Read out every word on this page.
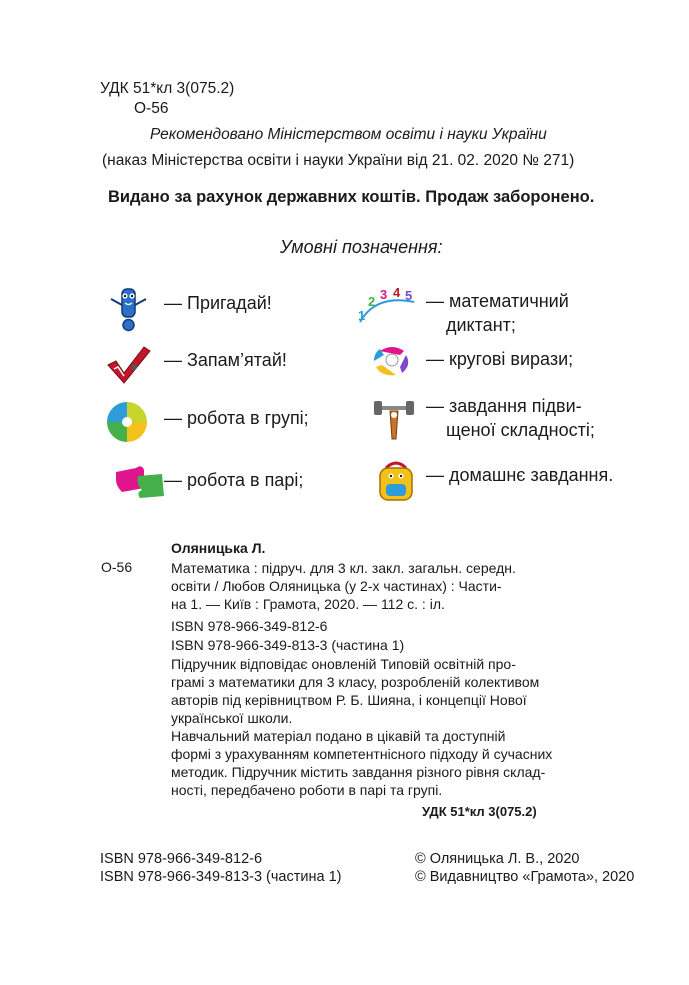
УДК 51*кл 3(075.2)
О-56
Рекомендовано Міністерством освіти і науки України
(наказ Міністерства освіти і науки України від 21. 02. 2020 № 271)
Видано за рахунок державних коштів. Продаж заборонено.
Умовні позначення:
— Пригадай!
— Запам’ятай!
— робота в групі;
— робота в парі;
1
2 3 4 5 — математичний
диктант;
— кругові вирази;
— завдання підви-
щеної складності;
— домашнє завдання.
Оляницька Л.
О-56	Математика : підруч. для 3 кл. закл. загальн. середн.
освіти / Любов Оляницька (у 2-х частинах) : Части-
на 1. — Київ : Грамота, 2020. — 112 с. : іл.
ISBN 978-966-349-812-6
ISBN 978-966-349-813-3 (частина 1)
Підручник відповідає оновленій Типовій освітній про-
грамі з математики для 3 класу, розробленій колективом
авторів під керівництвом Р. Б. Шияна, і концепції Нової
української школи.
Навчальний матеріал подано в цікавій та доступній
формі з урахуванням компетентнісного підходу й сучасних
методик. Підручник містить завдання різного рівня склад-
ності, передбачено роботи в парі та групі.
УДК 51*кл 3(075.2)
ISBN 978-966-349-812-6
ISBN 978-966-349-813-3 (частина 1)
© Оляницька Л. В., 2020
© Видавництво «Грамота», 2020
